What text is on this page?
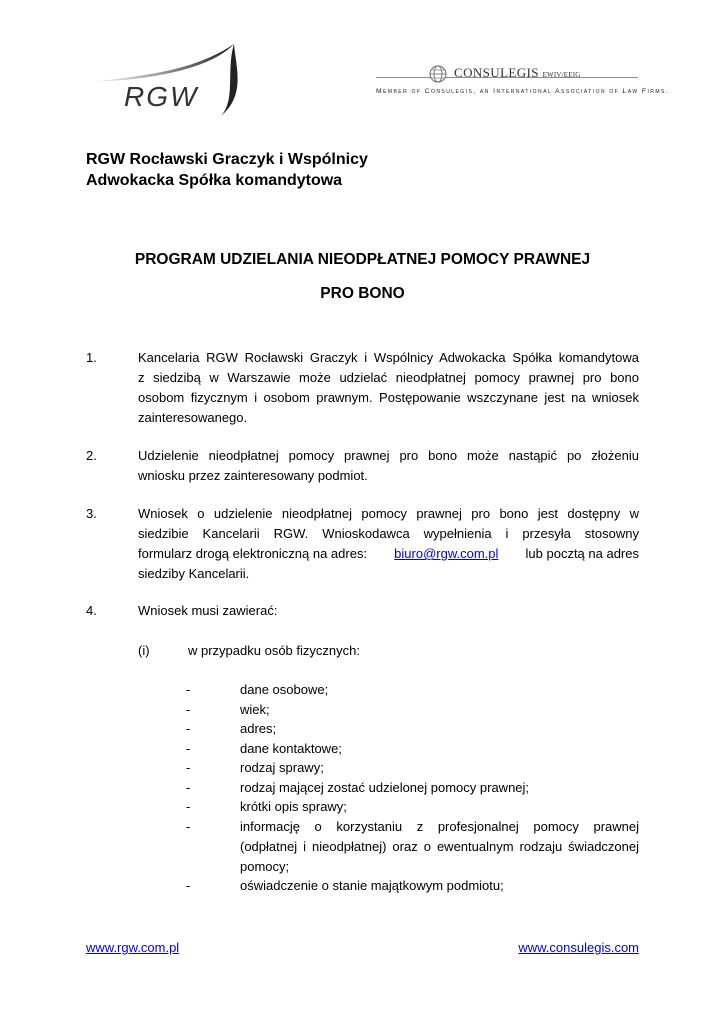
RGW
CONSULEGIS EWIV/EEIG
Member of Consulegis, an International Association of Law Firms.
RGW Rocławski Graczyk i Wspólnicy
Adwokacka Spółka komandytowa
PROGRAM UDZIELANIA NIEODPŁATNEJ POMOCY PRAWNEJ
PRO BONO
1.	Kancelaria RGW Rocławski Graczyk i Wspólnicy Adwokacka Spółka komandytowa
z siedzibą w Warszawie może udzielać nieodpłatnej pomocy prawnej pro bono
osobom fizycznym i osobom prawnym. Postępowanie wszczynane jest na wniosek
zainteresowanego.
2.	Udzielenie nieodpłatnej pomocy prawnej pro bono może nastąpić po złożeniu
wniosku przez zainteresowany podmiot.
3.	Wniosek o udzielenie nieodpłatnej pomocy prawnej pro bono jest dostępny w
siedzibie Kancelarii RGW. Wnioskodawca wypełnienia i przesyła stosowny
formularz drogą elektroniczną na adres: biuro@rgw.com.pl lub pocztą na adres
siedziby Kancelarii.
4.	Wniosek musi zawierać:
(i)	w przypadku osób fizycznych:
-	dane osobowe;
-	wiek;
-	adres;
-	dane kontaktowe;
-	rodzaj sprawy;
-	rodzaj mającej zostać udzielonej pomocy prawnej;
-	krótki opis sprawy;
-	informację o korzystaniu z profesjonalnej pomocy prawnej
(odpłatnej i nieodpłatnej) oraz o ewentualnym rodzaju świadczonej
pomocy;
-	oświadczenie o stanie majątkowym podmiotu;
www.rgw.com.pl	www.consulegis.com
